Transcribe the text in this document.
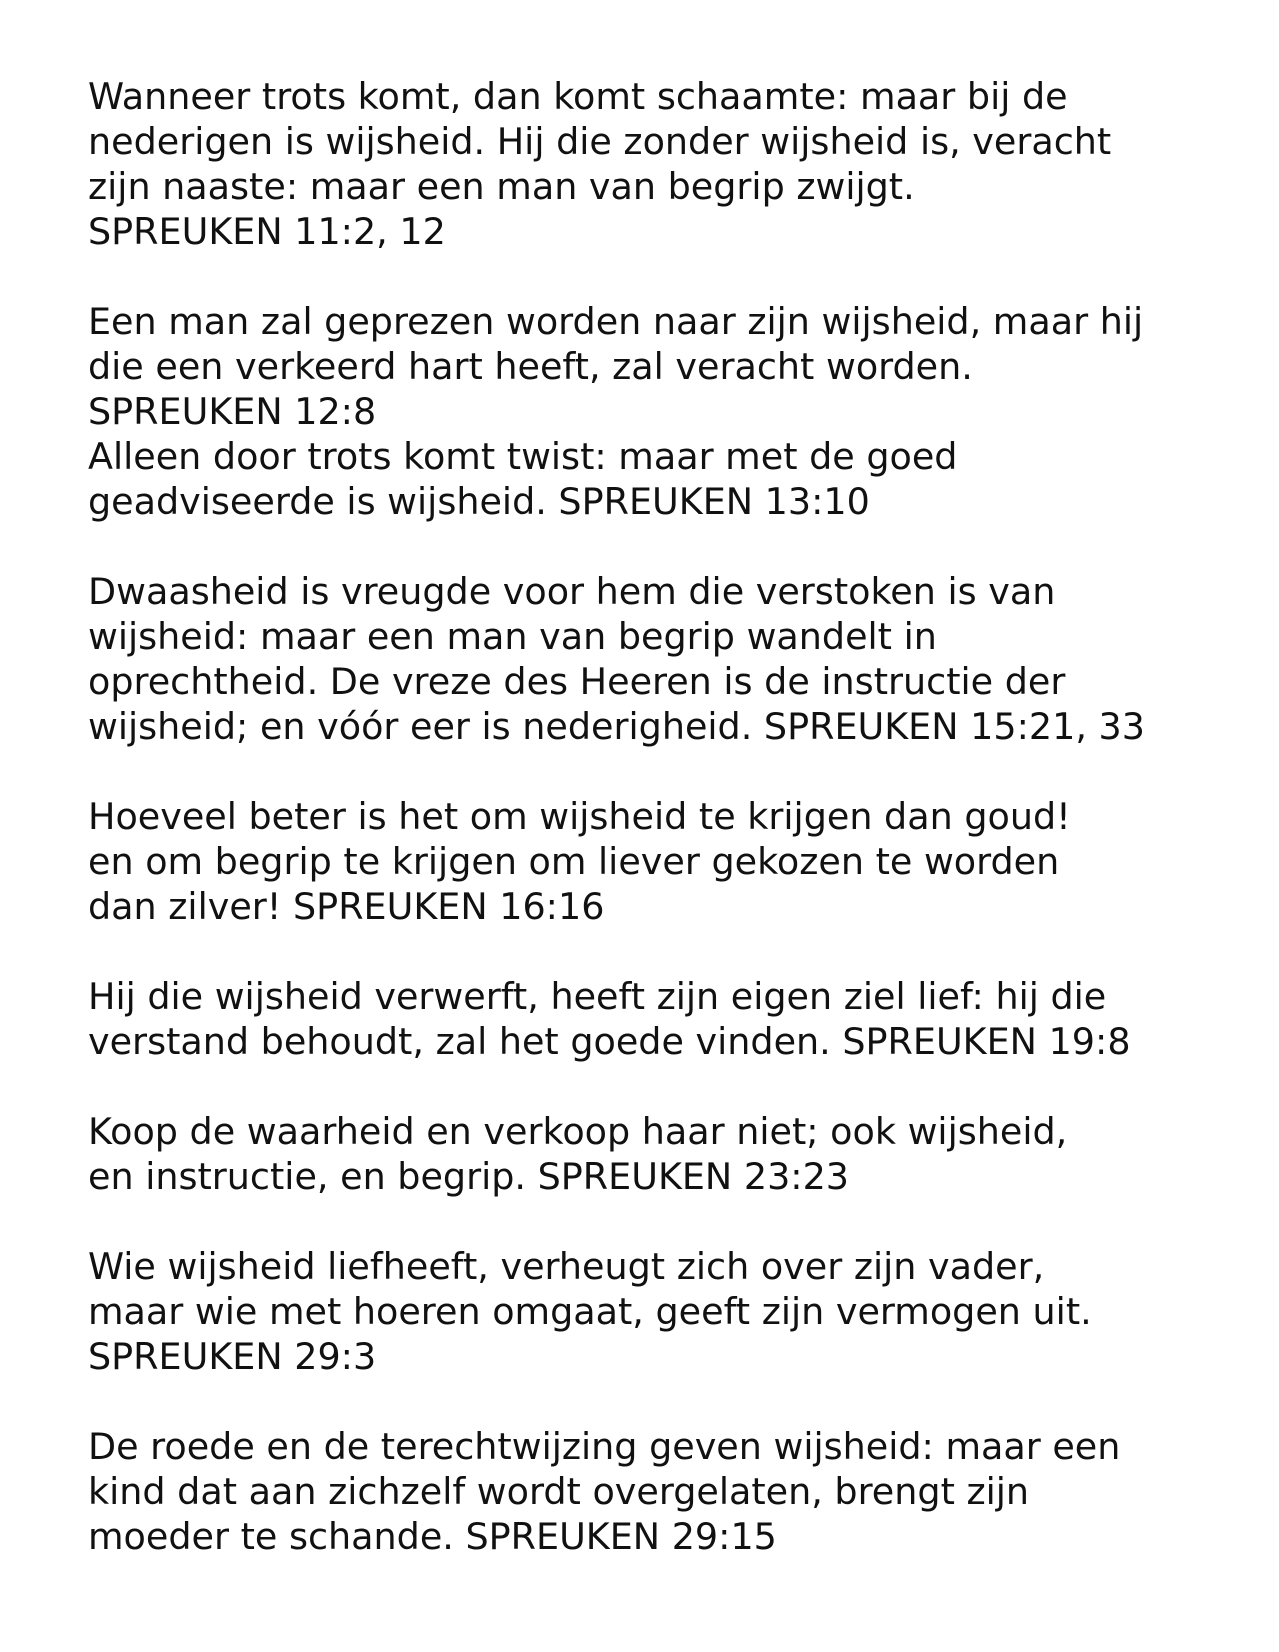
Wanneer trots komt, dan komt schaamte: maar bij de
nederigen is wijsheid. Hij die zonder wijsheid is, veracht
zijn naaste: maar een man van begrip zwijgt.
SPREUKEN 11:2, 12
Een man zal geprezen worden naar zijn wijsheid, maar hij
die een verkeerd hart heeft, zal veracht worden.
SPREUKEN 12:8
Alleen door trots komt twist: maar met de goed
geadviseerde is wijsheid. SPREUKEN 13:10
Dwaasheid is vreugde voor hem die verstoken is van
wijsheid: maar een man van begrip wandelt in
oprechtheid. De vreze des Heeren is de instructie der
wijsheid; en vóór eer is nederigheid. SPREUKEN 15:21, 33
Hoeveel beter is het om wijsheid te krijgen dan goud!
en om begrip te krijgen om liever gekozen te worden
dan zilver! SPREUKEN 16:16
Hij die wijsheid verwerft, heeft zijn eigen ziel lief: hij die
verstand behoudt, zal het goede vinden. SPREUKEN 19:8
Koop de waarheid en verkoop haar niet; ook wijsheid,
en instructie, en begrip. SPREUKEN 23:23
Wie wijsheid liefheeft, verheugt zich over zijn vader,
maar wie met hoeren omgaat, geeft zijn vermogen uit.
SPREUKEN 29:3
De roede en de terechtwijzing geven wijsheid: maar een
kind dat aan zichzelf wordt overgelaten, brengt zijn
moeder te schande. SPREUKEN 29:15
